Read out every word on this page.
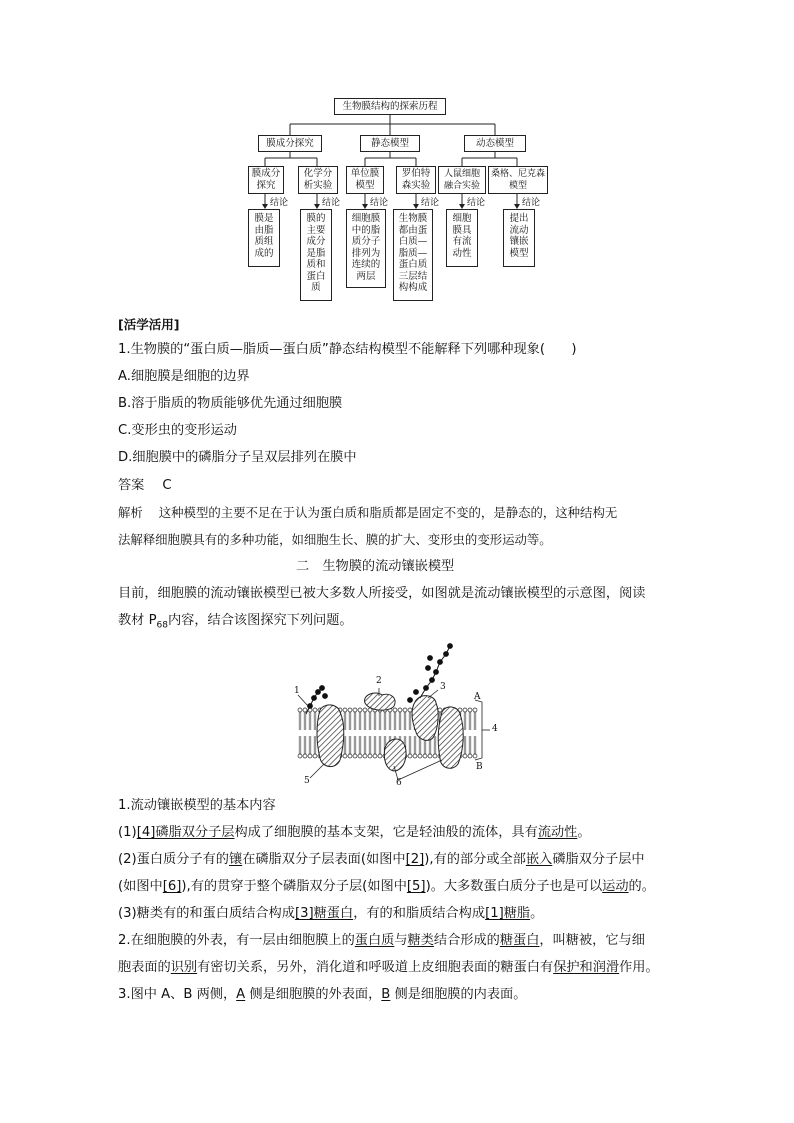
生物膜结构的探索历程
膜成分探究	静态模型	动态模型
膜成分
探究
化学分
析实验
单位膜
模型
罗伯特
森实验
人鼠细胞
融合实验
桑格、尼克森
模型
结论	结论	结论	结论	结论	结论
膜是
由脂
质组
成的
膜的
主要
成分
是脂
质和
蛋白
质
细胞膜
中的脂
质分子
排列为
连续的
两层
生物膜
都由蛋
白质—
脂质—
蛋白质
三层结
构构成
细胞
膜具
有流
动性
提出
流动
镶嵌
模型
[活学活用]
1.生物膜的“蛋白质—脂质—蛋白质”静态结构模型不能解释下列哪种现象(　　)
A.细胞膜是细胞的边界
B.溶于脂质的物质能够优先通过细胞膜
C.变形虫的变形运动
D.细胞膜中的磷脂分子呈双层排列在膜中
答案 C
解析 这种模型的主要不足在于认为蛋白质和脂质都是固定不变的，是静态的，这种结构无
法解释细胞膜具有的多种功能，如细胞生长、膜的扩大、变形虫的变形运动等。
二　生物膜的流动镶嵌模型
目前，细胞膜的流动镶嵌模型已被大多数人所接受，如图就是流动镶嵌模型的示意图，阅读
教材 $P_{68}$内容，结合该图探究下列问题。
1
2
3
A
4
B
5	6
1.流动镶嵌模型的基本内容
(1)[4]磷脂双分子层构成了细胞膜的基本支架，它是轻油般的流体，具有流动性。
(2)蛋白质分子有的镶在磷脂双分子层表面(如图中[2]),有的部分或全部嵌入磷脂双分子层中
(如图中[6]),有的贯穿于整个磷脂双分子层(如图中[5])。大多数蛋白质分子也是可以运动的。
(3)糖类有的和蛋白质结合构成[3]糖蛋白，有的和脂质结合构成[1]糖脂。
2.在细胞膜的外表，有一层由细胞膜上的蛋白质与糖类结合形成的糖蛋白，叫糖被，它与细
胞表面的识别有密切关系，另外，消化道和呼吸道上皮细胞表面的糖蛋白有保护和润滑作用。
3.图中 A、B 两侧，A 侧是细胞膜的外表面，B 侧是细胞膜的内表面。
